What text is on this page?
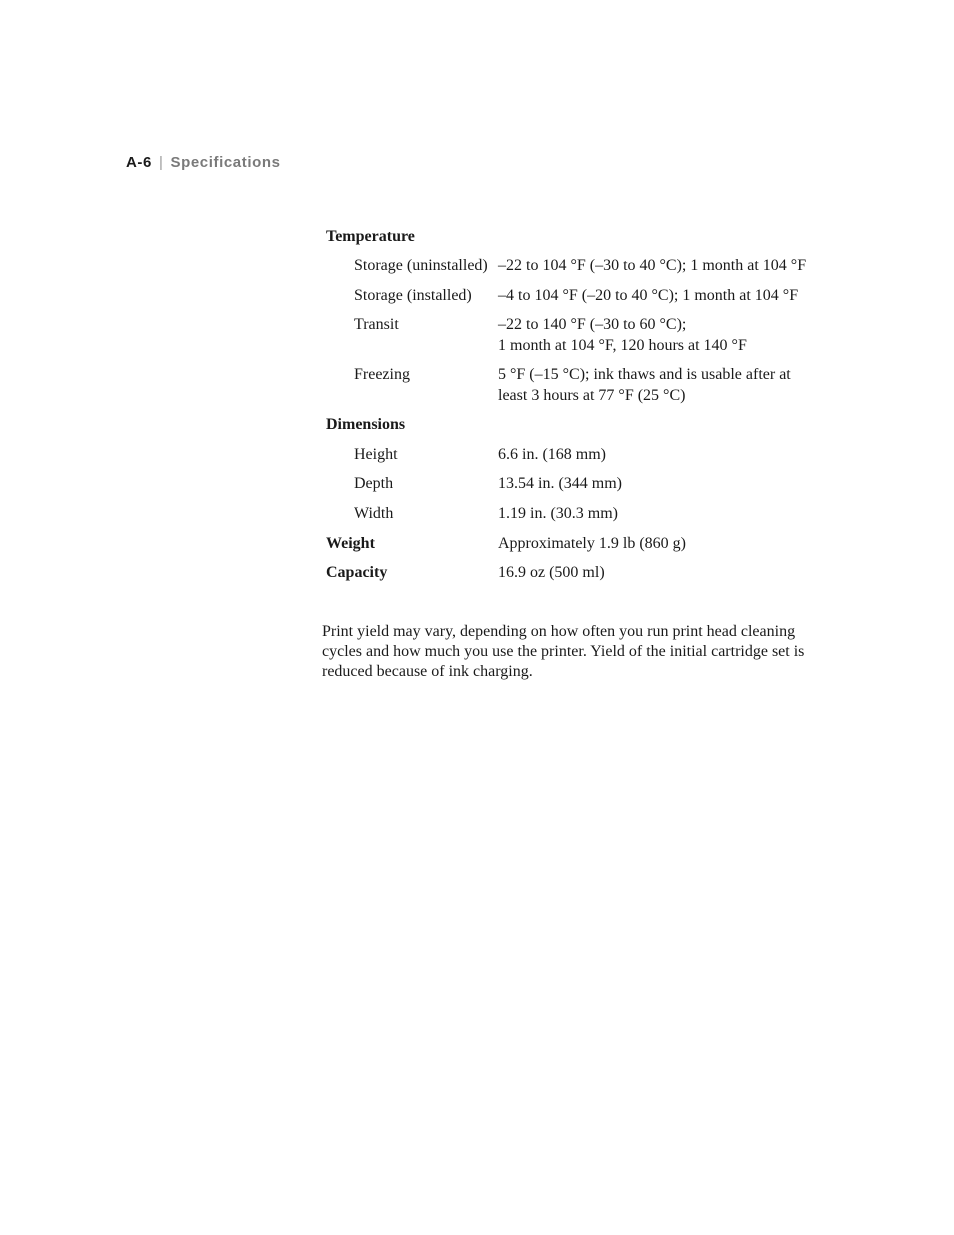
A-6 | Specifications
Temperature
Storage (uninstalled) –22 to 104 °F (–30 to 40 °C); 1 month at 104 °F
Storage (installed) –4 to 104 °F (–20 to 40 °C); 1 month at 104 °F
Transit	–22 to 140 °F (–30 to 60 °C);
1 month at 104 °F, 120 hours at 140 °F
Freezing	5 °F (–15 °C); ink thaws and is usable after at
least 3 hours at 77 °F (25 °C)
Dimensions
Height	6.6 in. (168 mm)
Depth	13.54 in. (344 mm)
Width	1.19 in. (30.3 mm)
Weight	Approximately 1.9 lb (860 g)
Capacity	16.9 oz (500 ml)

Print yield may vary, depending on how often you run print head cleaning cycles and how much you use the printer. Yield of the initial cartridge set is reduced because of ink charging.
